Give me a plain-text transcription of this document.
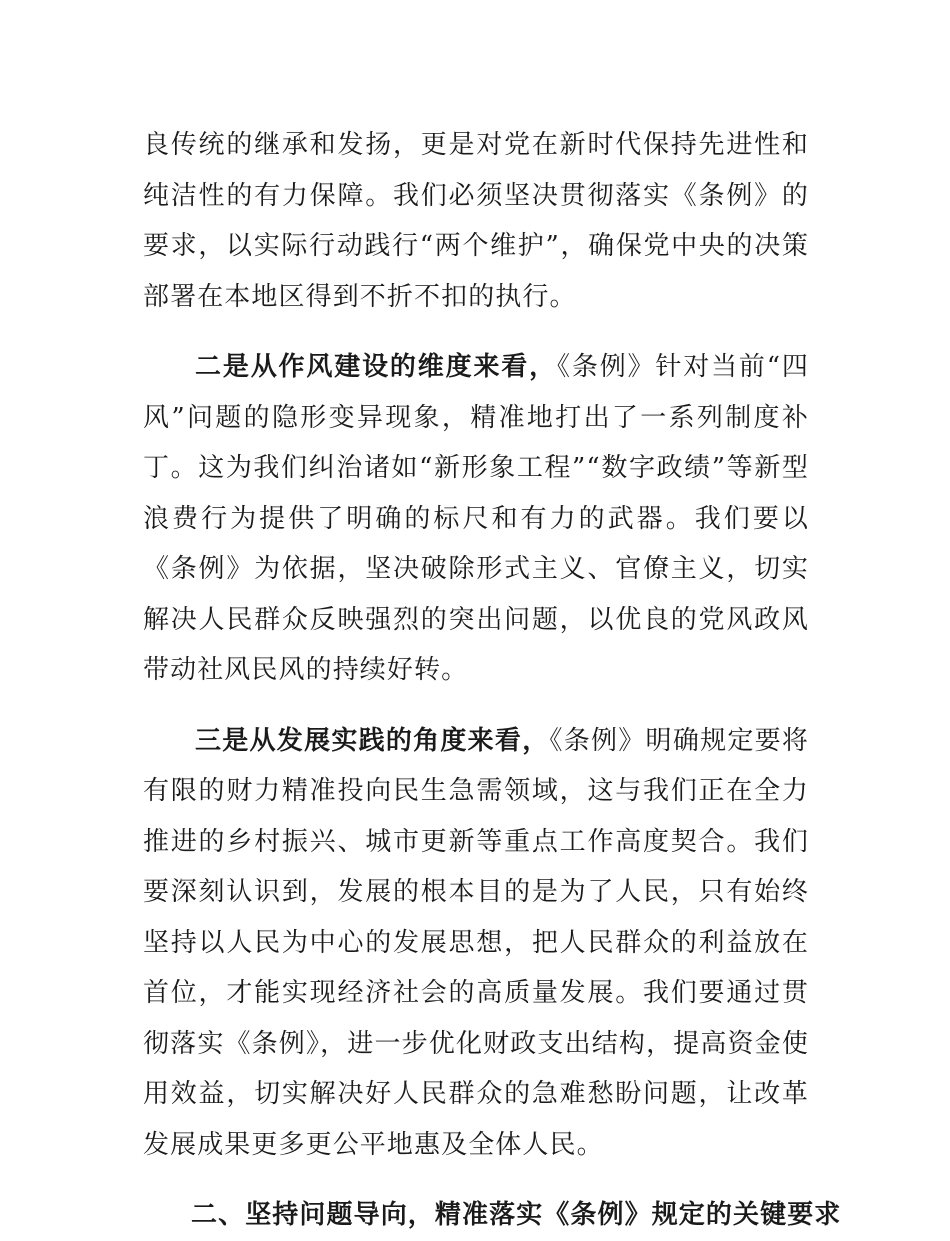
良传统的继承和发扬，更是对党在新时代保持先进性和纯洁性的有力保障。我们必须坚决贯彻落实《条例》的要求，以实际行动践行“两个维护”，确保党中央的决策部署在本地区得到不折不扣的执行。

二是从作风建设的维度来看，《条例》针对当前“四风”问题的隐形变异现象，精准地打出了一系列制度补丁。这为我们纠治诸如“新形象工程”“数字政绩”等新型浪费行为提供了明确的标尺和有力的武器。我们要以《条例》为依据，坚决破除形式主义、官僚主义，切实解决人民群众反映强烈的突出问题，以优良的党风政风带动社风民风的持续好转。

三是从发展实践的角度来看，《条例》明确规定要将有限的财力精准投向民生急需领域，这与我们正在全力推进的乡村振兴、城市更新等重点工作高度契合。我们要深刻认识到，发展的根本目的是为了人民，只有始终坚持以人民为中心的发展思想，把人民群众的利益放在首位，才能实现经济社会的高质量发展。我们要通过贯彻落实《条例》，进一步优化财政支出结构，提高资金使用效益，切实解决好人民群众的急难愁盼问题，让改革发展成果更多更公平地惠及全体人民。

二、坚持问题导向，精准落实《条例》规定的关键要求
